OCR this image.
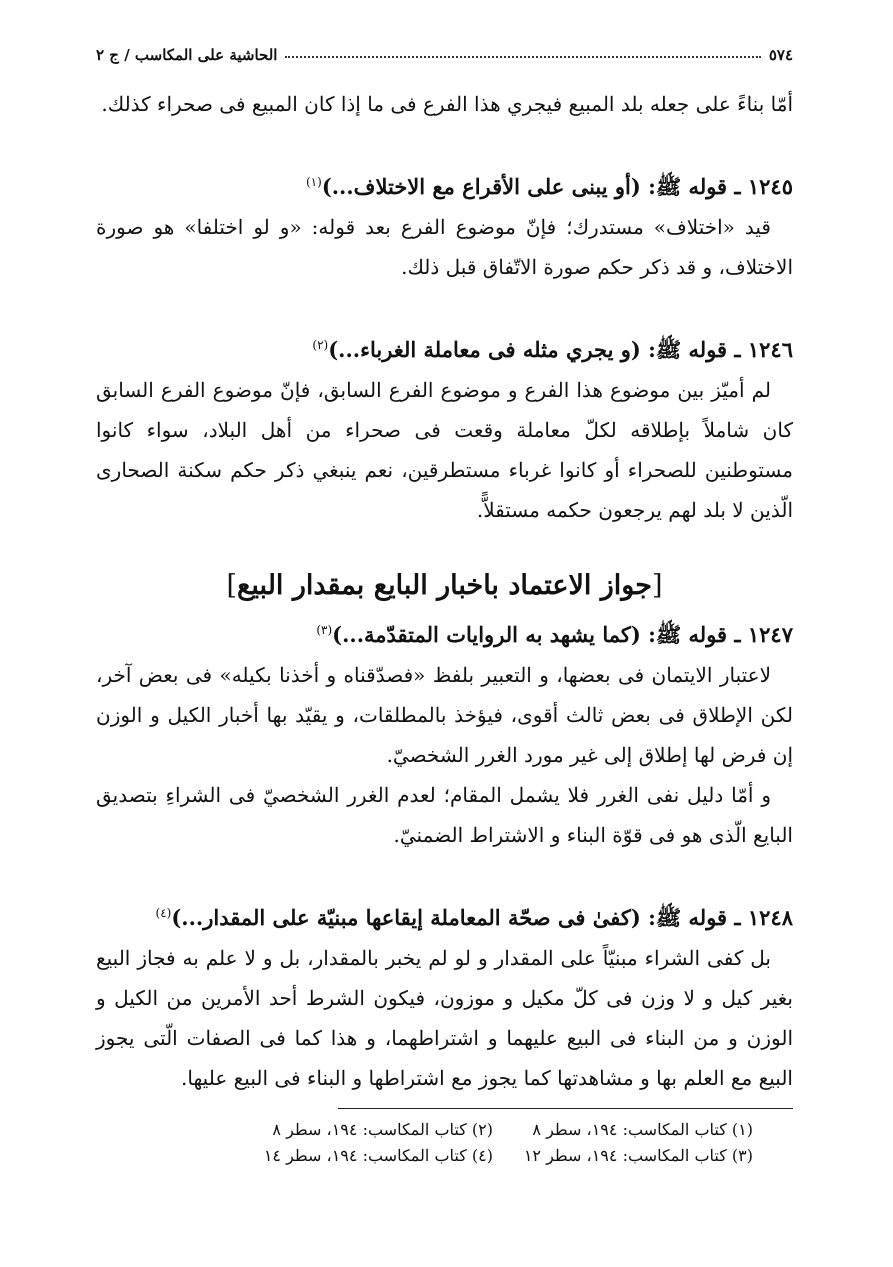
٥٧٤
الحاشية على المكاسب / ج ٢

أمّا بناءً على جعله بلد المبيع فيجري هذا الفرع فى ما إذا كان المبيع فى صحراء كذلك.

١٢٤٥ ـ قوله ﷺ: (أو يبنى على الأقراع مع الاختلاف...)$^{(١)}$

قيد «اختلاف» مستدرك؛ فإنّ موضوع الفرع بعد قوله: «و لو اختلفا» هو صورة الاختلاف، و قد ذكر حكم صورة الاتّفاق قبل ذلك.

١٢٤٦ ـ قوله ﷺ: (و يجري مثله فى معاملة الغرباء...)$^{(٢)}$

لم أميّز بين موضوع هذا الفرع و موضوع الفرع السابق، فإنّ موضوع الفرع السابق كان شاملاً بإطلاقه لكلّ معاملة وقعت فى صحراء من أهل البلاد، سواء كانوا مستوطنين للصحراء أو كانوا غرباء مستطرقين، نعم ينبغي ذكر حكم سكنة الصحارى الّذين لا بلد لهم يرجعون حكمه مستقلاًّ.

[جواز الاعتماد باخبار البايع بمقدار البيع]
١٢٤٧ ـ قوله ﷺ: (كما يشهد به الروايات المتقدّمة...)$^{(٣)}$

لاعتبار الايتمان فى بعضها، و التعبير بلفظ «فصدّقناه و أخذنا بكيله» فى بعض آخر، لكن الإطلاق فى بعض ثالث أقوى، فيؤخذ بالمطلقات، و يقيّد بها أخبار الكيل و الوزن إن فرض لها إطلاق إلى غير مورد الغرر الشخصيّ.

و أمّا دليل نفى الغرر فلا يشمل المقام؛ لعدم الغرر الشخصيّ فى الشراءِ بتصديق البايع الّذى هو فى قوّة البناء و الاشتراط الضمنيّ.

١٢٤٨ ـ قوله ﷺ: (كفىٰ فى صحّة المعاملة إيقاعها مبنيّة على المقدار...)$^{(٤)}$

بل كفى الشراء مبنيّاً على المقدار و لو لم يخبر بالمقدار، بل و لا علم به فجاز البيع بغير كيل و لا وزن فى كلّ مكيل و موزون، فيكون الشرط أحد الأمرين من الكيل و الوزن و من البناء فى البيع عليهما و اشتراطهما، و هذا كما فى الصفات الّتى يجوز البيع مع العلم بها و مشاهدتها كما يجوز مع اشتراطها و البناء فى البيع عليها.

(١) كتاب المكاسب: ١٩٤، سطر ٨
(٢) كتاب المكاسب: ١٩٤، سطر ٨
(٣) كتاب المكاسب: ١٩٤، سطر ١٢
(٤) كتاب المكاسب: ١٩٤، سطر ١٤
